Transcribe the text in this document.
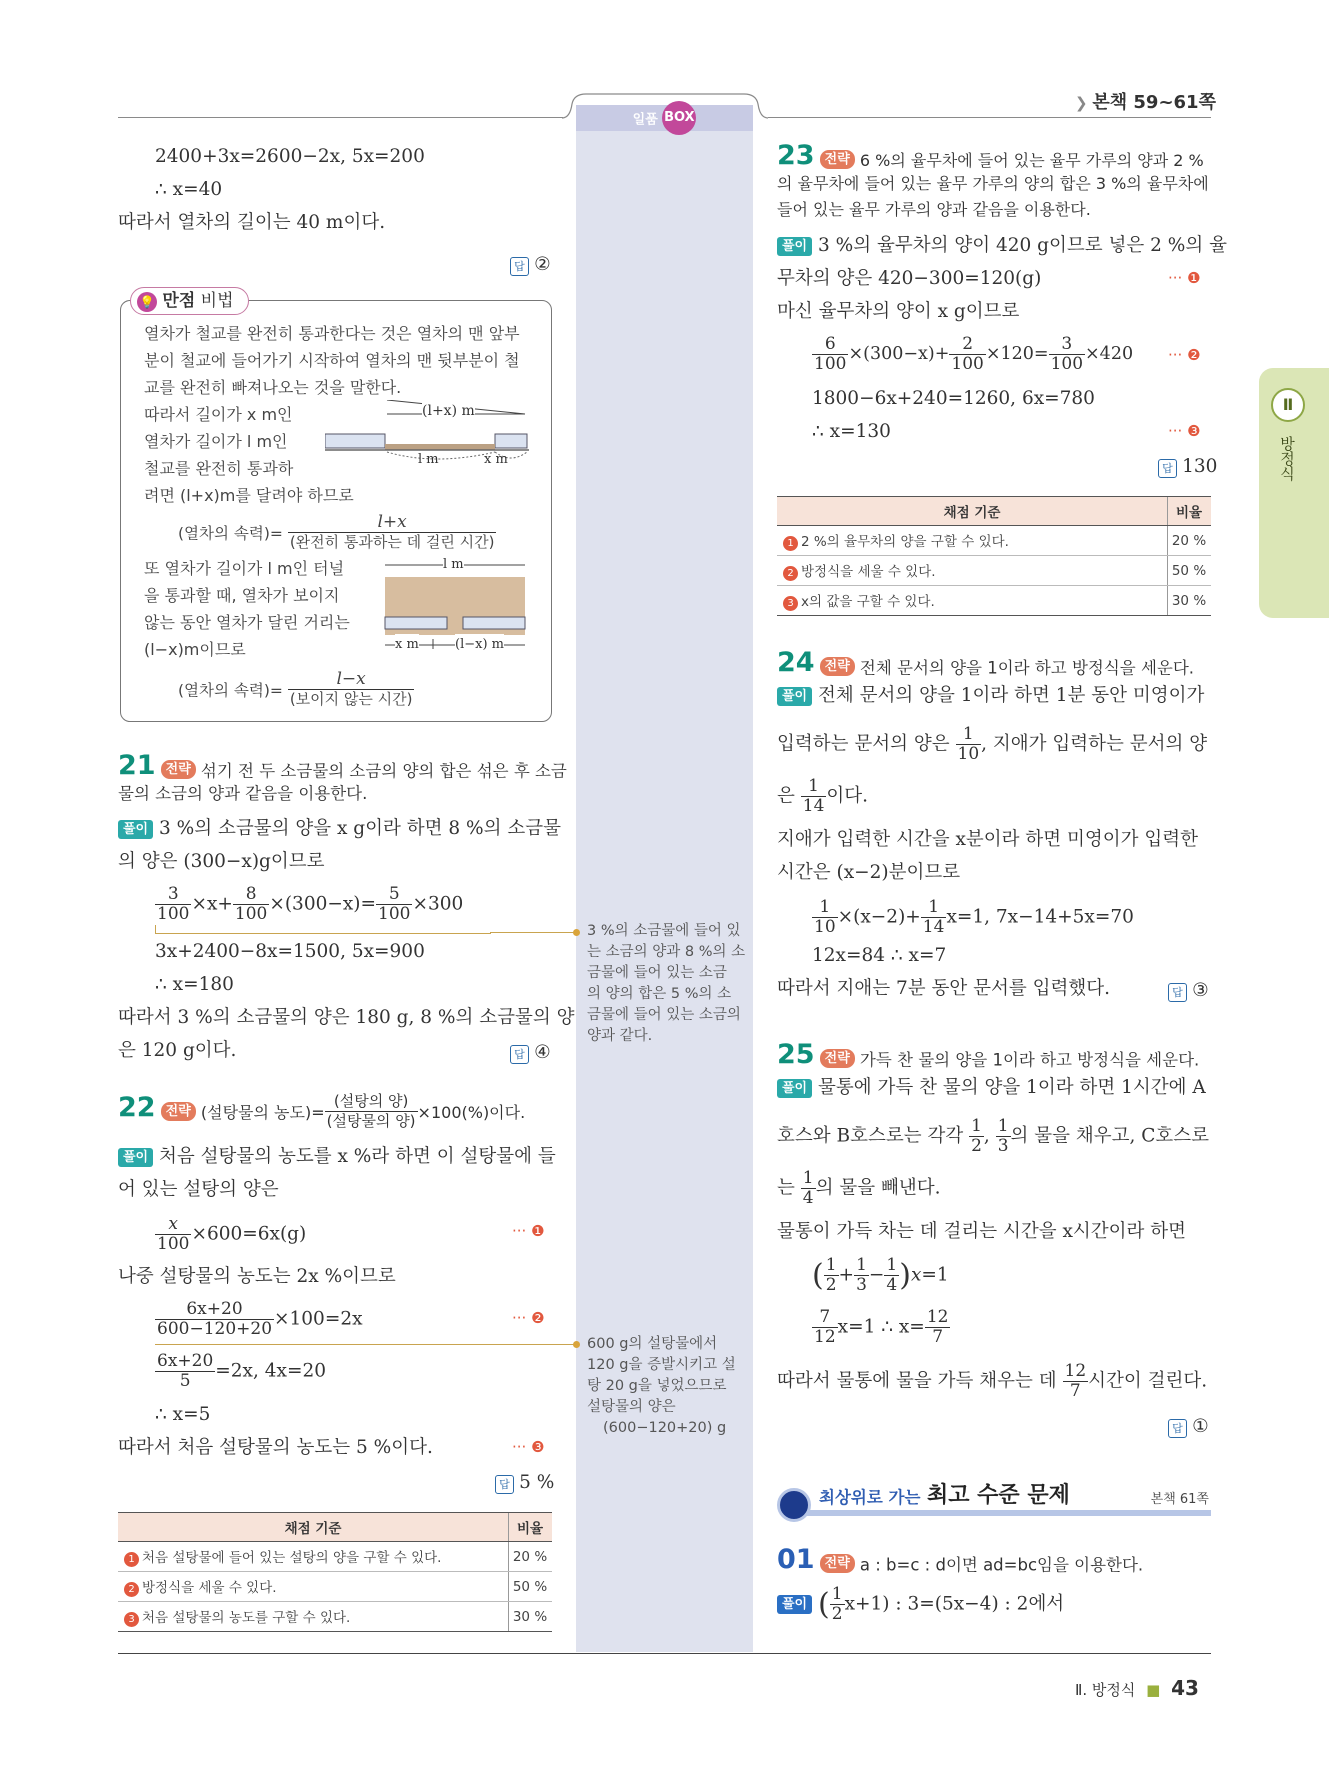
일품 BOX
❯ 본책 59~61쪽
Ⅱ
방정식
2400+3x=2600−2x, 5x=200
∴ x=40
따라서 열차의 길이는 40 m이다.
답 ②
💡 만점 비법
열차가 철교를 완전히 통과한다는 것은 열차의 맨 앞부
분이 철교에 들어가기 시작하여 열차의 맨 뒷부분이 철
교를 완전히 빠져나오는 것을 말한다.
따라서 길이가 x m인
열차가 길이가 l m인
철교를 완전히 통과하
려면 (l+x)m를 달려야 하므로
(l+x) m
l m	x m
(열차의 속력)= $\frac{l+x}{\text{(완전히 통과하는 데 걸린 시간)}}$
또 열차가 길이가 l m인 터널
을 통과할 때, 열차가 보이지
않는 동안 열차가 달린 거리는
(l−x)m이므로
l m
x m	(l−x) m
(열차의 속력)= $\frac{l-x}{\text{(보이지 않는 시간)}}$
21 전략 섞기 전 두 소금물의 소금의 양의 합은 섞은 후 소금
물의 소금의 양과 같음을 이용한다.
풀이 3 %의 소금물의 양을 x g이라 하면 8 %의 소금물
의 양은 (300−x)g이므로
$\frac{3}{100} \times x+ \frac{8}{100} \times(300-x)= \frac{5}{100} \times 300$
3x+2400−8x=1500, 5x=900
∴ x=180
따라서 3 %의 소금물의 양은 180 g, 8 %의 소금물의 양
은 120 g이다.	답 ④
22 전략 (설탕물의 농도)= $\frac{\text{(설탕의 양)}}{\text{(설탕물의 양)}} \times 100(\%)$이다.
풀이 처음 설탕물의 농도를 x %라 하면 이 설탕물에 들
어 있는 설탕의 양은
$\frac{x}{100} \times 600=6x(g)$	··· ❶
나중 설탕물의 농도는 2x %이므로
$\frac{6x+20}{600-120+20} \times 100=2x$	··· ❷
$\frac{6x+20}{5} =2x$, 4x=20
∴ x=5
따라서 처음 설탕물의 농도는 5 %이다.	··· ❸
답 5 %
채점 기준	비율
1 처음 설탕물에 들어 있는 설탕의 양을 구할 수 있다.	20 %
2 방정식을 세울 수 있다.	50 %
3 처음 설탕물의 농도를 구할 수 있다.	30 %
3 %의 소금물에 들어 있
는 소금의 양과 8 %의 소
금물에 들어 있는 소금
의 양의 합은 5 %의 소
금물에 들어 있는 소금의
양과 같다.
600 g의 설탕물에서
120 g을 증발시키고 설
탕 20 g을 넣었으므로
설탕물의 양은
(600−120+20) g
23 전략 6 %의 율무차에 들어 있는 율무 가루의 양과 2 %
의 율무차에 들어 있는 율무 가루의 양의 합은 3 %의 율무차에
들어 있는 율무 가루의 양과 같음을 이용한다.
풀이 3 %의 율무차의 양이 420 g이므로 넣은 2 %의 율
무차의 양은 420−300=120(g)	··· ❶
마신 율무차의 양이 x g이므로
$\frac{6}{100} \times(300-x)+ \frac{2}{100} \times 120= \frac{3}{100} \times 420$ ··· ❷
1800−6x+240=1260, 6x=780
∴ x=130	··· ❸
답 130
채점 기준	비율
1 2 %의 율무차의 양을 구할 수 있다.	20 %
2 방정식을 세울 수 있다.	50 %
3 x의 값을 구할 수 있다.	30 %
24 전략 전체 문서의 양을 1이라 하고 방정식을 세운다.
풀이 전체 문서의 양을 1이라 하면 1분 동안 미영이가
입력하는 문서의 양은 $\frac{1}{10}$ , 지애가 입력하는 문서의 양
은 $\frac{1}{14}$ 이다.
지애가 입력한 시간을 x분이라 하면 미영이가 입력한
시간은 (x−2)분이므로
$\frac{1}{10} \times(x-2)+ \frac{1}{14} x=1$, 7x−14+5x=70
12x=84 ∴ x=7
따라서 지애는 7분 동안 문서를 입력했다.	답 ③
25 전략 가득 찬 물의 양을 1이라 하고 방정식을 세운다.
풀이 물통에 가득 찬 물의 양을 1이라 하면 1시간에 A
호스와 B호스로는 각각 $\frac{1}{2}$ , $\frac{1}{3}$ 의 물을 채우고, C호스로
는 $\frac{1}{4}$ 의 물을 빼낸다.
물통이 가득 차는 데 걸리는 시간을 x시간이라 하면
( $\frac{1}{2} + \frac{1}{3} - \frac{1}{4} )x=1$
$\frac{7}{12} x=1$ ∴ $x= \frac{12}{7}$
따라서 물통에 물을 가득 채우는 데 $\frac{12}{7}$ 시간이 걸린다.
답 ①
최상위로 가는 최고 수준 문제	본책 61쪽
01 전략 a : b=c : d이면 ad=bc임을 이용한다.
풀이 ( $\frac{1}{2} x+1$) : 3=(5x−4) : 2에서
Ⅱ. 방정식 ■ 43
